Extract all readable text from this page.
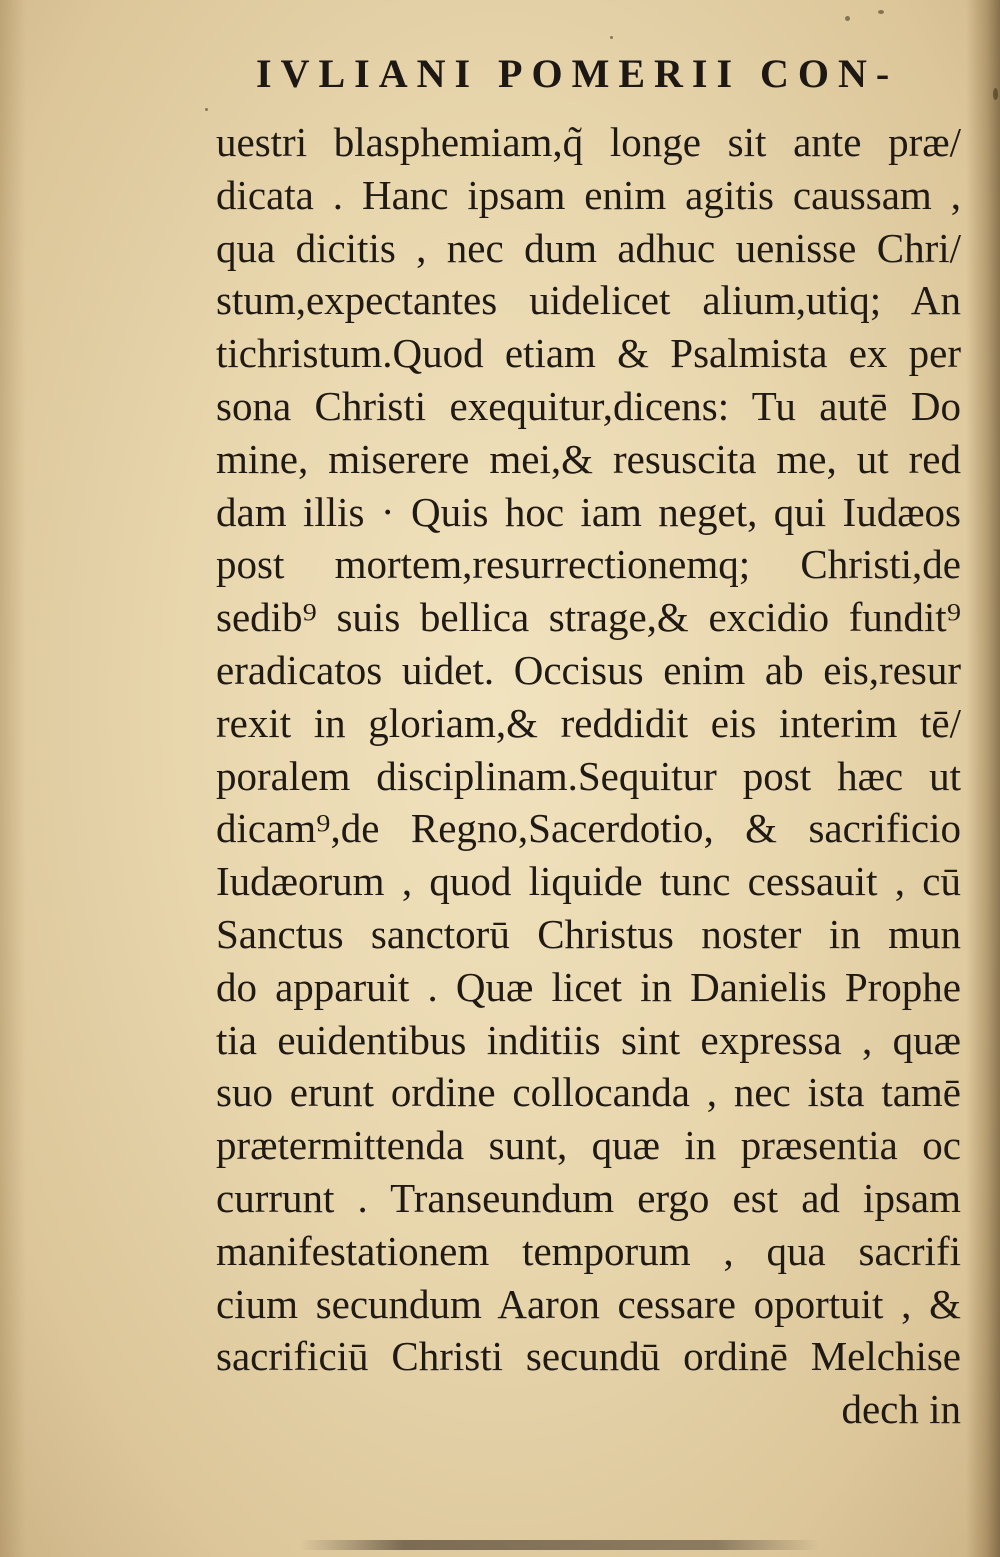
IVLIANI POMERII CON-
uestri blasphemiam,q̃ longe sit ante præ/
dicata . Hanc ipsam enim agitis caussam ,
qua dicitis , nec dum adhuc uenisse Chri/
stum,expectantes uidelicet alium,utiq; An
tichristum.Quod etiam & Psalmista ex per
sona Christi exequitur,dicens: Tu autē Do
mine, miserere mei,& resuscita me, ut red
dam illis · Quis hoc iam neget, qui Iudæos
post mortem,resurrectionemq; Christi,de
sedib⁹ suis bellica strage,& excidio fundit⁹
eradicatos uidet. Occisus enim ab eis,resur
rexit in gloriam,& reddidit eis interim tē/
poralem disciplinam.Sequitur post hæc ut
dicam⁹,de Regno,Sacerdotio, & sacrificio
Iudæorum , quod liquide tunc cessauit , cū
Sanctus sanctorū Christus noster in mun
do apparuit . Quæ licet in Danielis Prophe
tia euidentibus inditiis sint expressa , quæ
suo erunt ordine collocanda , nec ista tamē
prætermittenda sunt, quæ in præsentia oc
currunt . Transeundum ergo est ad ipsam
manifestationem temporum , qua sacrifi
cium secundum Aaron cessare oportuit , &
sacrificiū Christi secundū ordinē Melchise
dech in
